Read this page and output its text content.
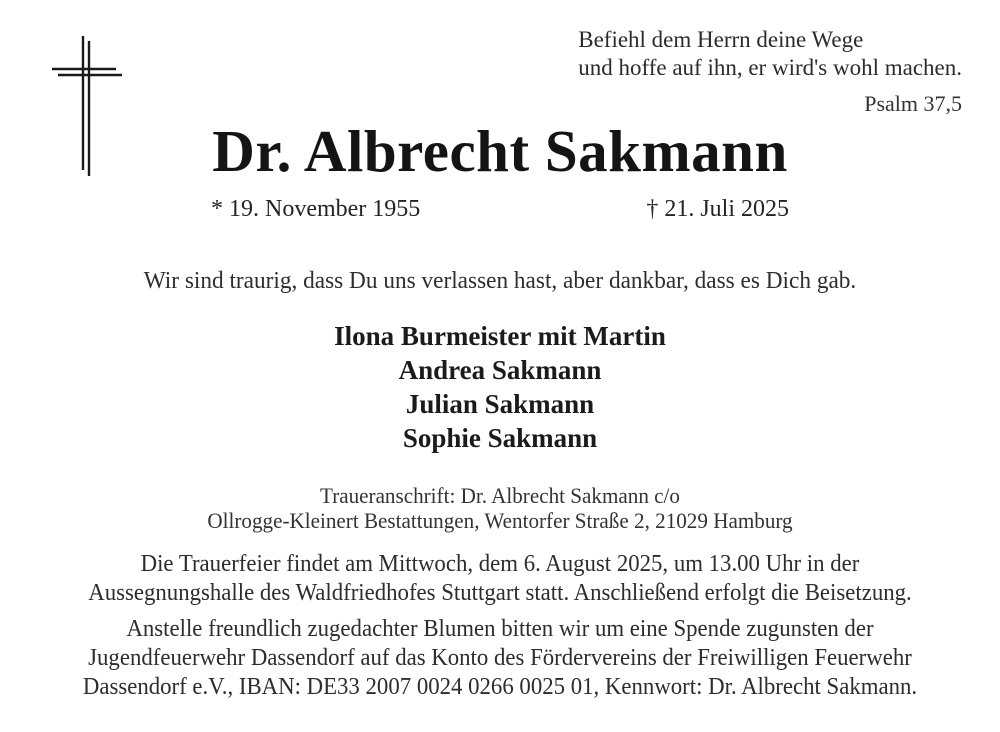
Befiehl dem Herrn deine Wege
und hoffe auf ihn, er wird's wohl machen.
Psalm 37,5
Dr. Albrecht Sakmann
* 19. November 1955	† 21. Juli 2025
Wir sind traurig, dass Du uns verlassen hast, aber dankbar, dass es Dich gab.
Ilona Burmeister mit Martin
Andrea Sakmann
Julian Sakmann
Sophie Sakmann
Traueranschrift: Dr. Albrecht Sakmann c/o
Ollrogge-Kleinert Bestattungen, Wentorfer Straße 2, 21029 Hamburg
Die Trauerfeier findet am Mittwoch, dem 6. August 2025, um 13.00 Uhr in der
Aussegnungshalle des Waldfriedhofes Stuttgart statt. Anschließend erfolgt die Beisetzung.
Anstelle freundlich zugedachter Blumen bitten wir um eine Spende zugunsten der
Jugendfeuerwehr Dassendorf auf das Konto des Fördervereins der Freiwilligen Feuerwehr
Dassendorf e.V., IBAN: DE33 2007 0024 0266 0025 01, Kennwort: Dr. Albrecht Sakmann.
